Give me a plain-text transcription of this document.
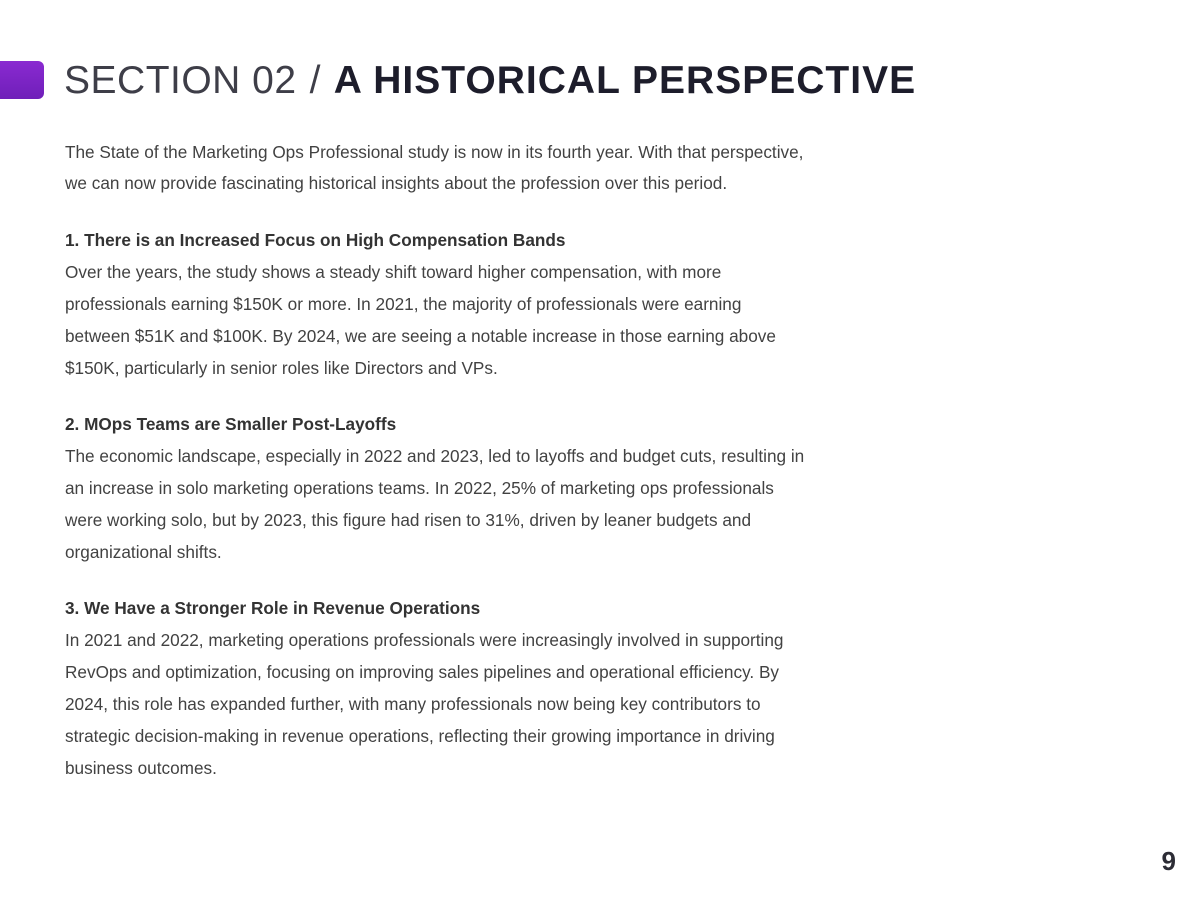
SECTION 02 / A HISTORICAL PERSPECTIVE

The State of the Marketing Ops Professional study is now in its fourth year. With that perspective, we can now provide fascinating historical insights about the profession over this period.

1. There is an Increased Focus on High Compensation Bands

Over the years, the study shows a steady shift toward higher compensation, with more professionals earning $150K or more. In 2021, the majority of professionals were earning between $51K and $100K. By 2024, we are seeing a notable increase in those earning above $150K, particularly in senior roles like Directors and VPs.

2. MOps Teams are Smaller Post-Layoffs

The economic landscape, especially in 2022 and 2023, led to layoffs and budget cuts, resulting in an increase in solo marketing operations teams. In 2022, 25% of marketing ops professionals were working solo, but by 2023, this figure had risen to 31%, driven by leaner budgets and organizational shifts.

3. We Have a Stronger Role in Revenue Operations

In 2021 and 2022, marketing operations professionals were increasingly involved in supporting RevOps and optimization, focusing on improving sales pipelines and operational efficiency. By 2024, this role has expanded further, with many professionals now being key contributors to strategic decision-making in revenue operations, reflecting their growing importance in driving business outcomes.

9
